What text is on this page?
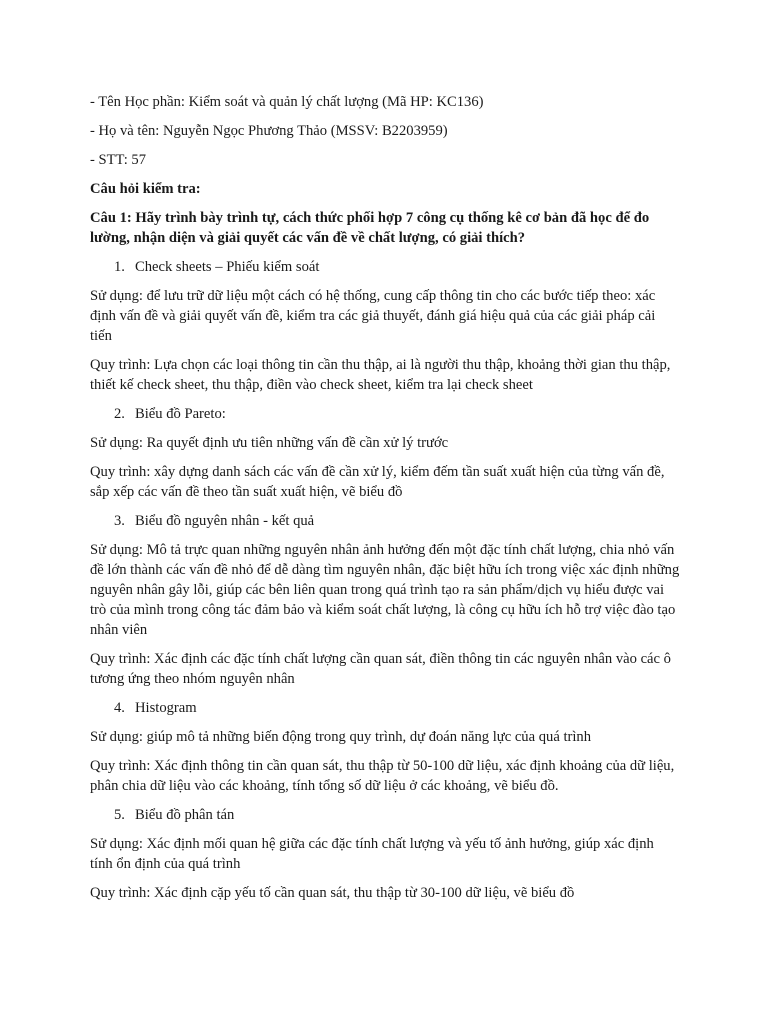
- Tên Học phần: Kiểm soát và quản lý chất lượng (Mã HP: KC136)

- Họ và tên: Nguyễn Ngọc Phương Thảo (MSSV: B2203959)

- STT: 57

Câu hỏi kiểm tra:

Câu 1: Hãy trình bày trình tự, cách thức phối hợp 7 công cụ thống kê cơ bản đã học để đo lường, nhận diện và giải quyết các vấn đề về chất lượng, có giải thích?

1. Check sheets – Phiếu kiểm soát

Sử dụng: để lưu trữ dữ liệu một cách có hệ thống, cung cấp thông tin cho các bước tiếp theo: xác định vấn đề và giải quyết vấn đề, kiểm tra các giả thuyết, đánh giá hiệu quả của các giải pháp cải tiến

Quy trình: Lựa chọn các loại thông tin cần thu thập, ai là người thu thập, khoảng thời gian thu thập, thiết kế check sheet, thu thập, điền vào check sheet, kiểm tra lại check sheet

2. Biểu đồ Pareto:

Sử dụng: Ra quyết định ưu tiên những vấn đề cần xử lý trước

Quy trình: xây dựng danh sách các vấn đề cần xử lý, kiểm đếm tần suất xuất hiện của từng vấn đề, sắp xếp các vấn đề theo tần suất xuất hiện, vẽ biểu đồ

3. Biểu đồ nguyên nhân - kết quả

Sử dụng: Mô tả trực quan những nguyên nhân ảnh hưởng đến một đặc tính chất lượng, chia nhỏ vấn đề lớn thành các vấn đề nhỏ để dễ dàng tìm nguyên nhân, đặc biệt hữu ích trong việc xác định những nguyên nhân gây lỗi, giúp các bên liên quan trong quá trình tạo ra sản phẩm/dịch vụ hiểu được vai trò của mình trong công tác đảm bảo và kiểm soát chất lượng, là công cụ hữu ích hỗ trợ việc đào tạo nhân viên

Quy trình: Xác định các đặc tính chất lượng cần quan sát, điền thông tin các nguyên nhân vào các ô tương ứng theo nhóm nguyên nhân

4. Histogram

Sử dụng: giúp mô tả những biến động trong quy trình, dự đoán năng lực của quá trình

Quy trình: Xác định thông tin cần quan sát, thu thập từ 50-100 dữ liệu, xác định khoảng của dữ liệu, phân chia dữ liệu vào các khoảng, tính tổng số dữ liệu ở các khoảng, vẽ biểu đồ.

5. Biểu đồ phân tán

Sử dụng: Xác định mối quan hệ giữa các đặc tính chất lượng và yếu tố ảnh hưởng, giúp xác định tính ổn định của quá trình

Quy trình: Xác định cặp yếu tố cần quan sát, thu thập từ 30-100 dữ liệu, vẽ biểu đồ
